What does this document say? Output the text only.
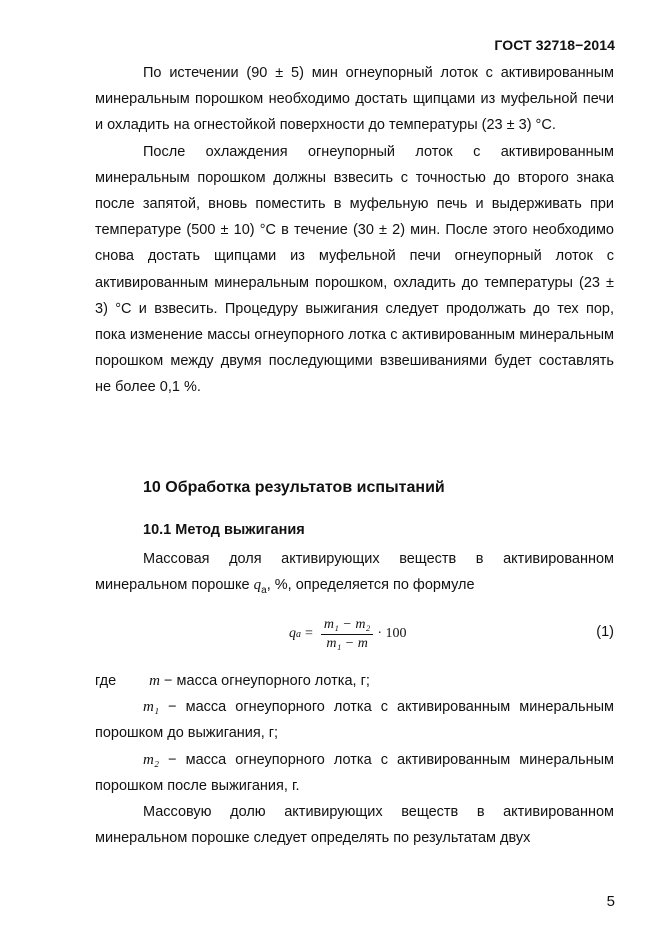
ГОСТ 32718−2014

По истечении (90 ± 5) мин огнеупорный лоток с активированным минеральным порошком необходимо достать щипцами из муфельной печи и охладить на огнестойкой поверхности до температуры (23 ± 3) °С.

После охлаждения огнеупорный лоток с активированным минеральным порошком должны взвесить с точностью до второго знака после запятой, вновь поместить в муфельную печь и выдерживать при температуре (500 ± 10) °С в течение (30 ± 2) мин. После этого необходимо снова достать щипцами из муфельной печи огнеупорный лоток с активированным минеральным порошком, охладить до температуры (23 ± 3) °С и взвесить. Процедуру выжигания следует продолжать до тех пор, пока изменение массы огнеупорного лотка с активированным минеральным порошком между двумя последующими взвешиваниями будет составлять не более 0,1 %.

10 Обработка результатов испытаний
10.1 Метод выжигания

Массовая доля активирующих веществ в активированном минеральном порошке $q_а$, %, определяется по формуле

q $a = \frac{\text{m₁ − m₂}}{\text{m₁ − m}} \cdot 100$	(1)

где m − масса огнеупорного лотка, г;

m₁ − масса огнеупорного лотка с активированным минеральным порошком до выжигания, г;

m₂ − масса огнеупорного лотка с активированным минеральным порошком после выжигания, г.

Массовую долю активирующих веществ в активированном минеральном порошке следует определять по результатам двух

5
